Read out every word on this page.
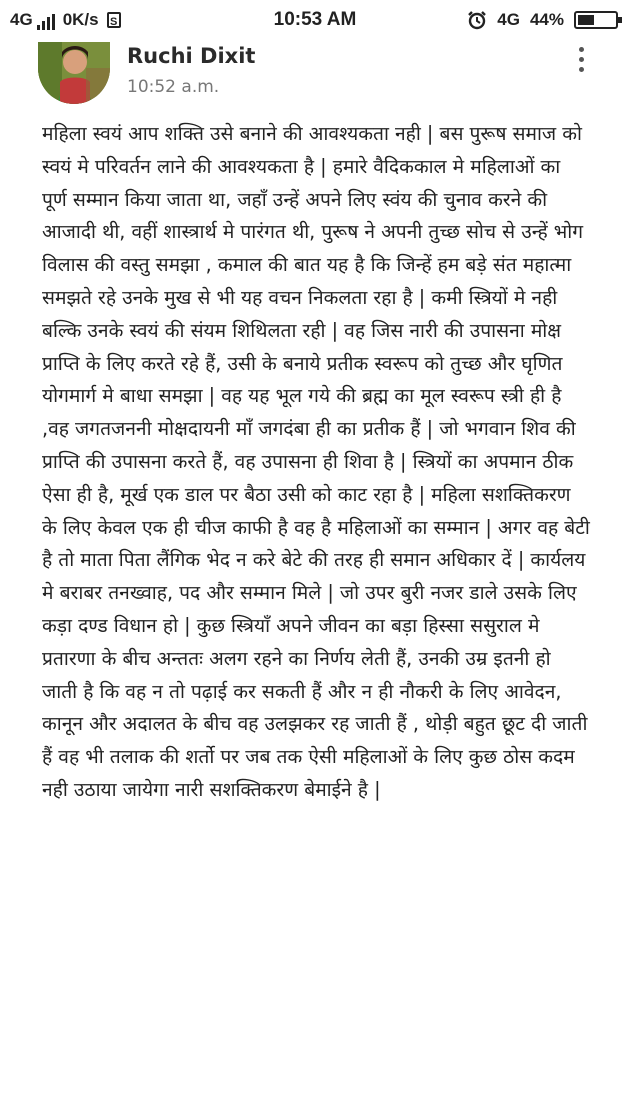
4G 0K/s	S	10:53 AM	4G 44%
Ruchi Dixit
10:52 a.m.

महिला स्वयं आप शक्ति उसे बनाने की आवश्यकता नही | बस पुरूष समाज को स्वयं मे परिवर्तन लाने की आवश्यकता है | हमारे वैदिककाल मे महिलाओं का पूर्ण सम्मान किया जाता था, जहाँ उन्हें अपने लिए स्वंय की चुनाव करने की आजादी थी, वहीं शास्त्रार्थ मे पारंगत थी, पुरूष ने अपनी तुच्छ सोच से उन्हें भोग विलास की वस्तु समझा , कमाल की बात यह है कि जिन्हें हम बड़े संत महात्मा समझते रहे उनके मुख से भी यह वचन निकलता रहा है | कमी स्त्रियों मे नही बल्कि उनके स्वयं की संयम शिथिलता रही | वह जिस नारी की उपासना मोक्ष प्राप्ति के लिए करते रहे हैं, उसी के बनाये प्रतीक स्वरूप को तुच्छ और घृणित योगमार्ग मे बाधा समझा | वह यह भूल गये की ब्रह्म का मूल स्वरूप स्त्री ही है ,वह जगतजननी मोक्षदायनी माँ जगदंबा ही का प्रतीक हैं | जो भगवान शिव की प्राप्ति की उपासना करते हैं, वह उपासना ही शिवा है | स्त्रियों का अपमान ठीक ऐसा ही है, मूर्ख एक डाल पर बैठा उसी को काट रहा है | महिला सशक्तिकरण के लिए केवल एक ही चीज काफी है वह है महिलाओं का सम्मान | अगर वह बेटी है तो माता पिता लैंगिक भेद न करे बेटे की तरह ही समान अधिकार दें | कार्यलय मे बराबर तनख्वाह, पद और सम्मान मिले | जो उपर बुरी नजर डाले उसके लिए कड़ा दण्ड विधान हो | कुछ स्त्रियाँ अपने जीवन का बड़ा हिस्सा ससुराल मे प्रतारणा के बीच अन्ततः अलग रहने का निर्णय लेती हैं, उनकी उम्र इतनी हो जाती है कि वह न तो पढ़ाई कर सकती हैं और न ही नौकरी के लिए आवेदन, कानून और अदालत के बीच वह उलझकर रह जाती हैं , थोड़ी बहुत छूट दी जाती हैं वह भी तलाक की शर्तो पर जब तक ऐसी महिलाओं के लिए कुछ ठोस कदम नही उठाया जायेगा नारी सशक्तिकरण बेमाईने है |
